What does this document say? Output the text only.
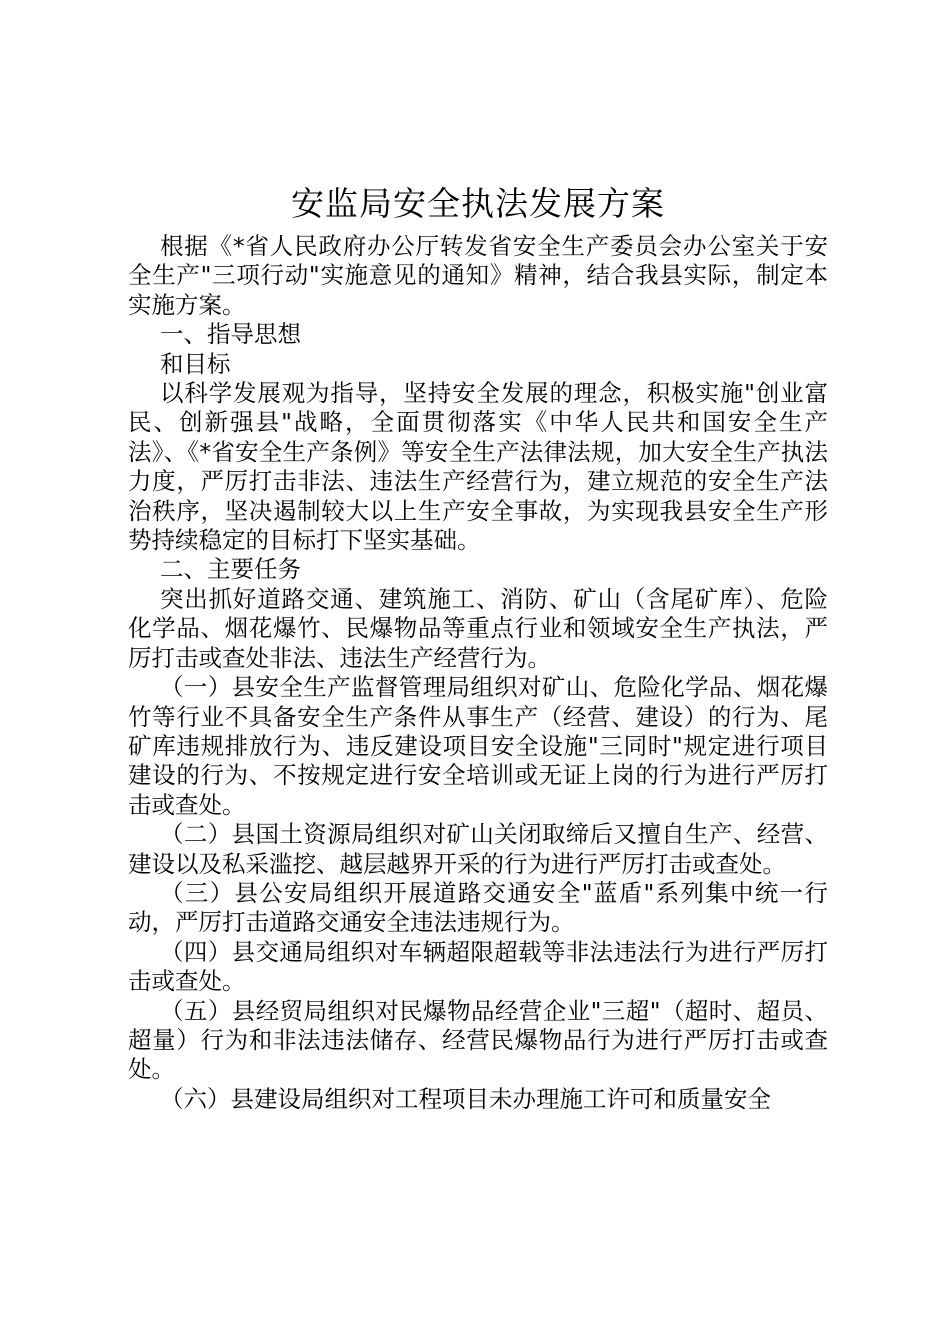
安监局安全执法发展方案

根据《*省人民政府办公厅转发省安全生产委员会办公室关于安全生产"三项行动"实施意见的通知》精神，结合我县实际，制定本实施方案。

一、指导思想

和目标

以科学发展观为指导，坚持安全发展的理念，积极实施"创业富民、创新强县"战略，全面贯彻落实《中华人民共和国安全生产法》、《*省安全生产条例》等安全生产法律法规，加大安全生产执法力度，严厉打击非法、违法生产经营行为，建立规范的安全生产法治秩序，坚决遏制较大以上生产安全事故，为实现我县安全生产形势持续稳定的目标打下坚实基础。

二、主要任务

突出抓好道路交通、建筑施工、消防、矿山（含尾矿库）、危险化学品、烟花爆竹、民爆物品等重点行业和领域安全生产执法，严厉打击或查处非法、违法生产经营行为。

（一）县安全生产监督管理局组织对矿山、危险化学品、烟花爆竹等行业不具备安全生产条件从事生产（经营、建设）的行为、尾矿库违规排放行为、违反建设项目安全设施"三同时"规定进行项目建设的行为、不按规定进行安全培训或无证上岗的行为进行严厉打击或查处。

（二）县国土资源局组织对矿山关闭取缔后又擅自生产、经营、建设以及私采滥挖、越层越界开采的行为进行严厉打击或查处。

（三）县公安局组织开展道路交通安全"蓝盾"系列集中统一行动，严厉打击道路交通安全违法违规行为。

（四）县交通局组织对车辆超限超载等非法违法行为进行严厉打击或查处。

（五）县经贸局组织对民爆物品经营企业"三超"（超时、超员、超量）行为和非法违法储存、经营民爆物品行为进行严厉打击或查处。

（六）县建设局组织对工程项目未办理施工许可和质量安全
